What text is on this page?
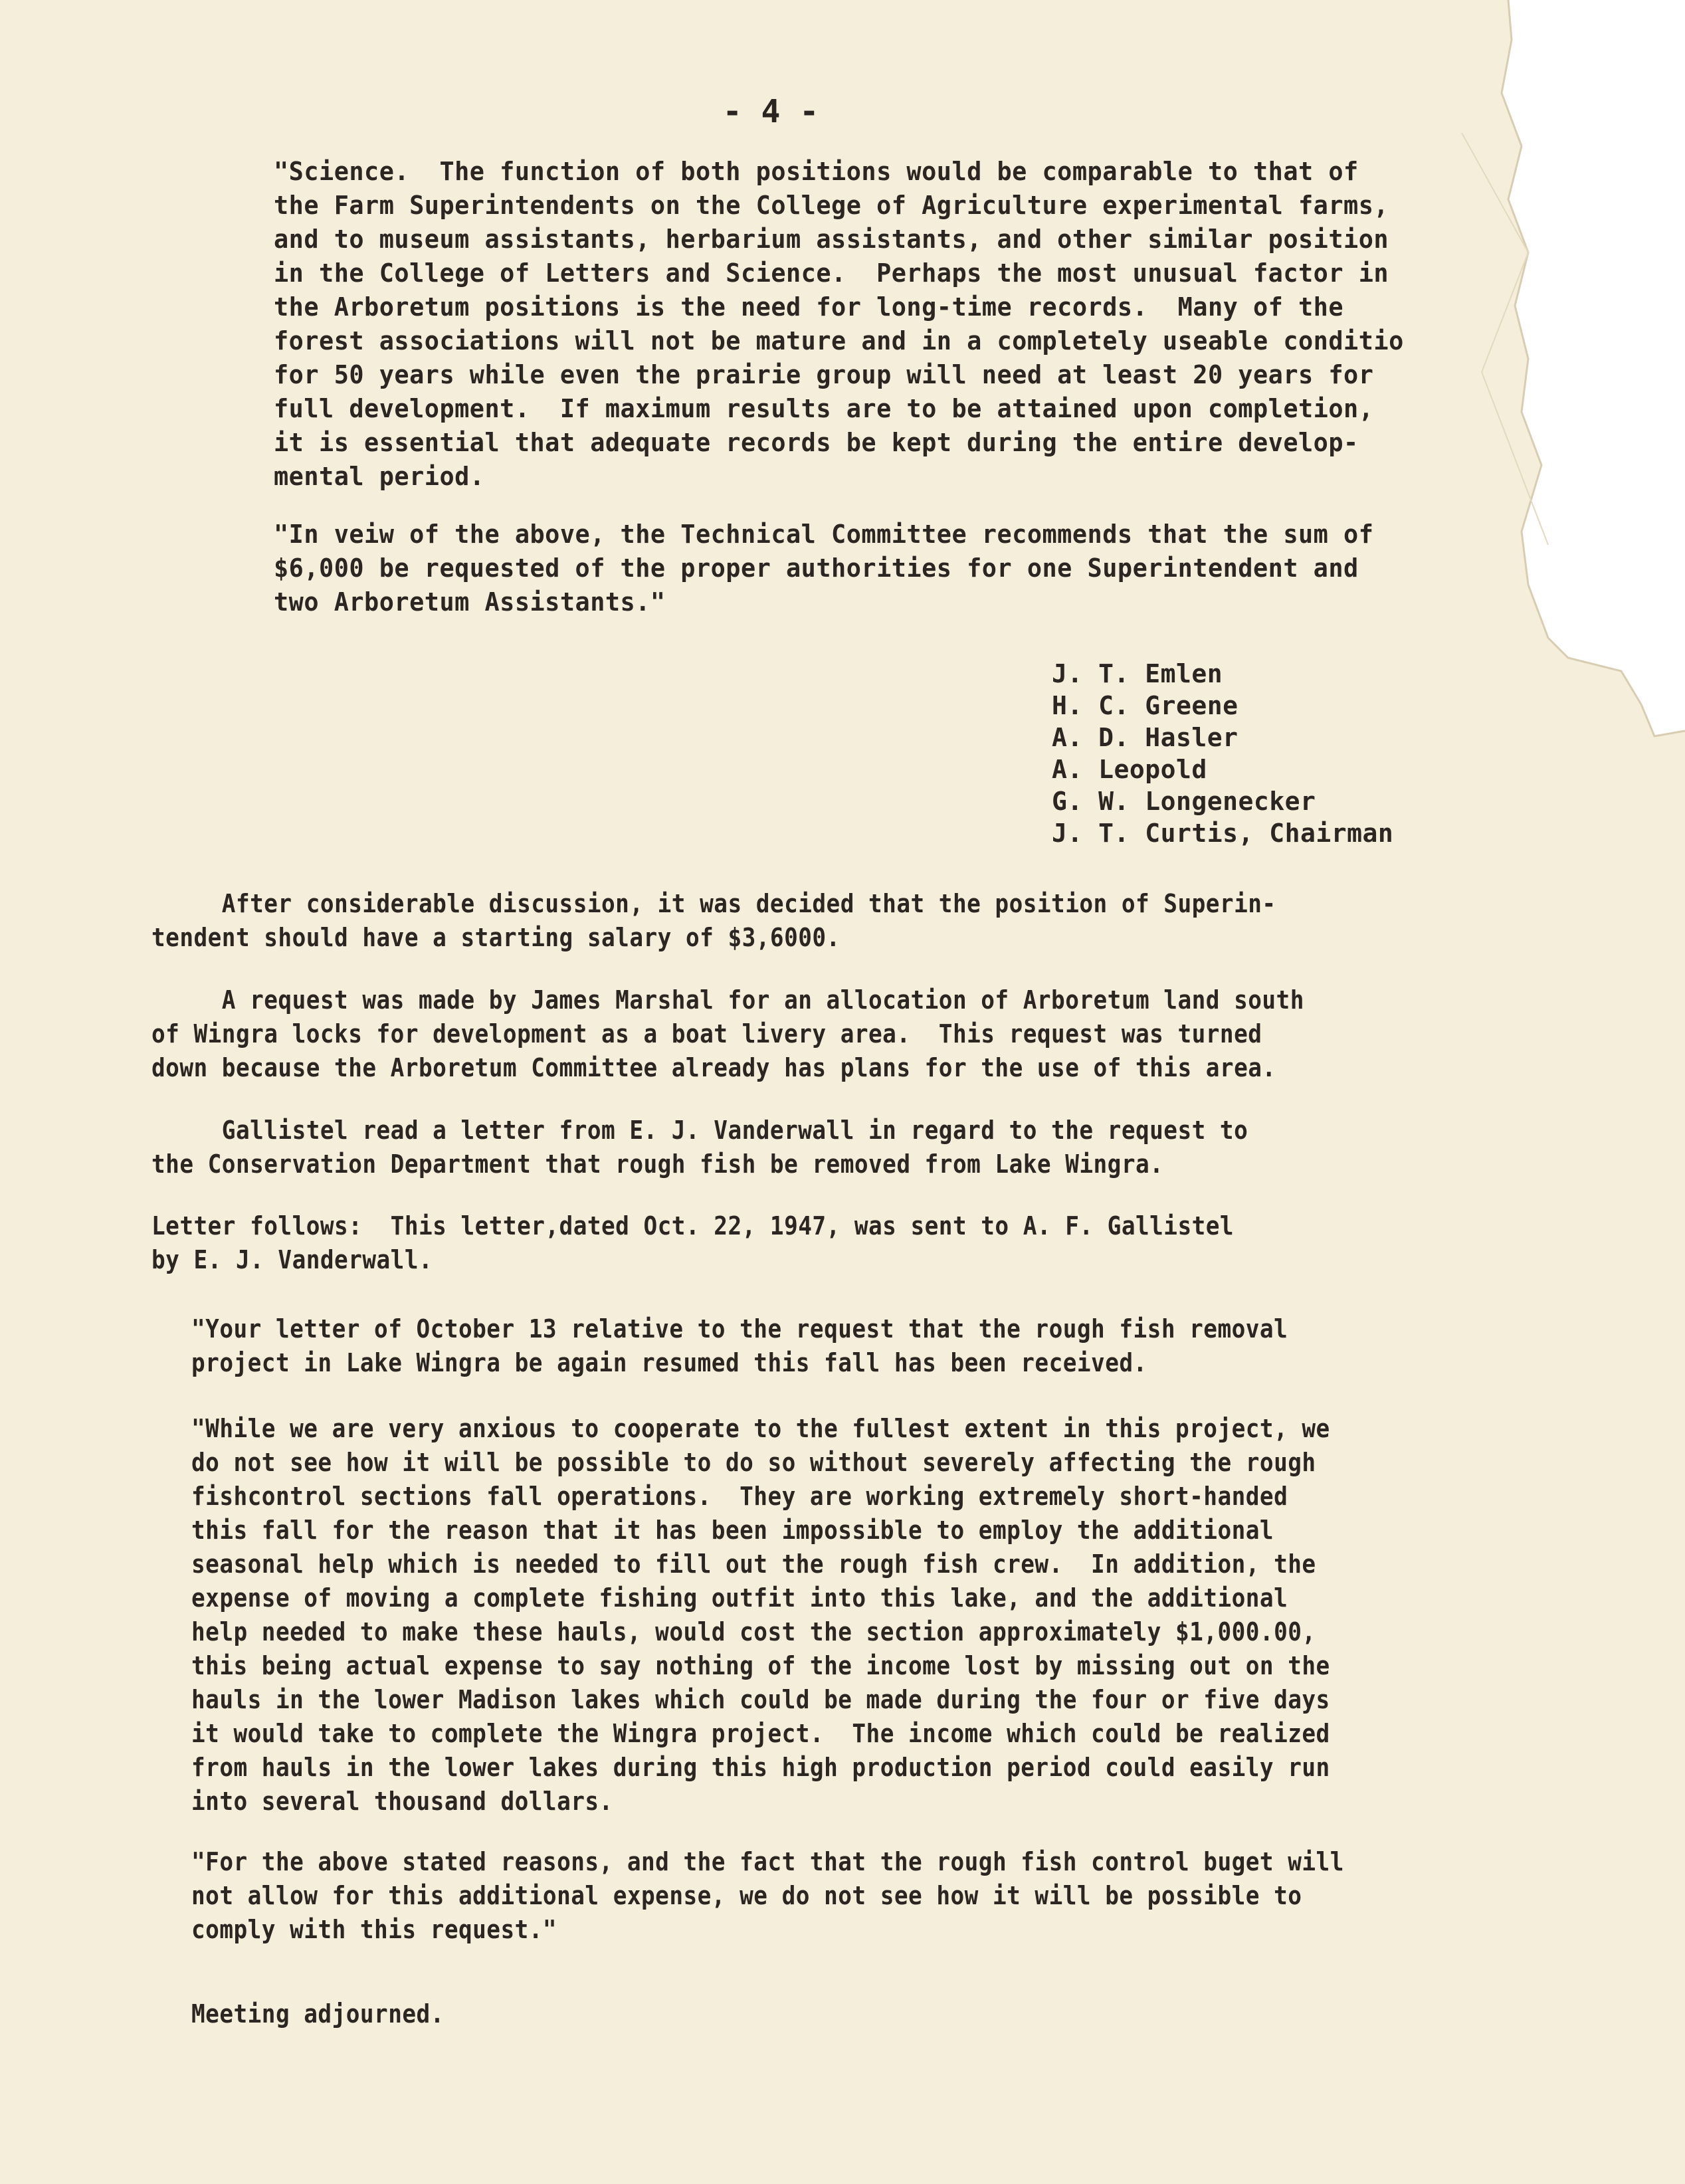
- 4 -

"Science.  The function of both positions would be comparable to that of
the Farm Superintendents on the College of Agriculture experimental farms,
and to museum assistants, herbarium assistants, and other similar position
in the College of Letters and Science.  Perhaps the most unusual factor in
the Arboretum positions is the need for long-time records.  Many of the
forest associations will not be mature and in a completely useable conditio
for 50 years while even the prairie group will need at least 20 years for
full development.  If maximum results are to be attained upon completion,
it is essential that adequate records be kept during the entire develop-
mental period.

"In veiw of the above, the Technical Committee recommends that the sum of
$6,000 be requested of the proper authorities for one Superintendent and
two Arboretum Assistants."

J. T. Emlen
H. C. Greene
A. D. Hasler
A. Leopold
G. W. Longenecker
J. T. Curtis, Chairman

After considerable discussion, it was decided that the position of Superin-
tendent should have a starting salary of $3,6000.

A request was made by James Marshal for an allocation of Arboretum land south
of Wingra locks for development as a boat livery area.  This request was turned
down because the Arboretum Committee already has plans for the use of this area.

Gallistel read a letter from E. J. Vanderwall in regard to the request to
the Conservation Department that rough fish be removed from Lake Wingra.

Letter follows:  This letter,dated Oct. 22, 1947, was sent to A. F. Gallistel
by E. J. Vanderwall.

"Your letter of October 13 relative to the request that the rough fish removal
project in Lake Wingra be again resumed this fall has been received.

"While we are very anxious to cooperate to the fullest extent in this project, we
do not see how it will be possible to do so without severely affecting the rough
fishcontrol sections fall operations.  They are working extremely short-handed
this fall for the reason that it has been impossible to employ the additional
seasonal help which is needed to fill out the rough fish crew.  In addition, the
expense of moving a complete fishing outfit into this lake, and the additional
help needed to make these hauls, would cost the section approximately $1,000.00,
this being actual expense to say nothing of the income lost by missing out on the
hauls in the lower Madison lakes which could be made during the four or five days
it would take to complete the Wingra project.  The income which could be realized
from hauls in the lower lakes during this high production period could easily run
into several thousand dollars.

"For the above stated reasons, and the fact that the rough fish control buget will
not allow for this additional expense, we do not see how it will be possible to
comply with this request."

Meeting adjourned.
